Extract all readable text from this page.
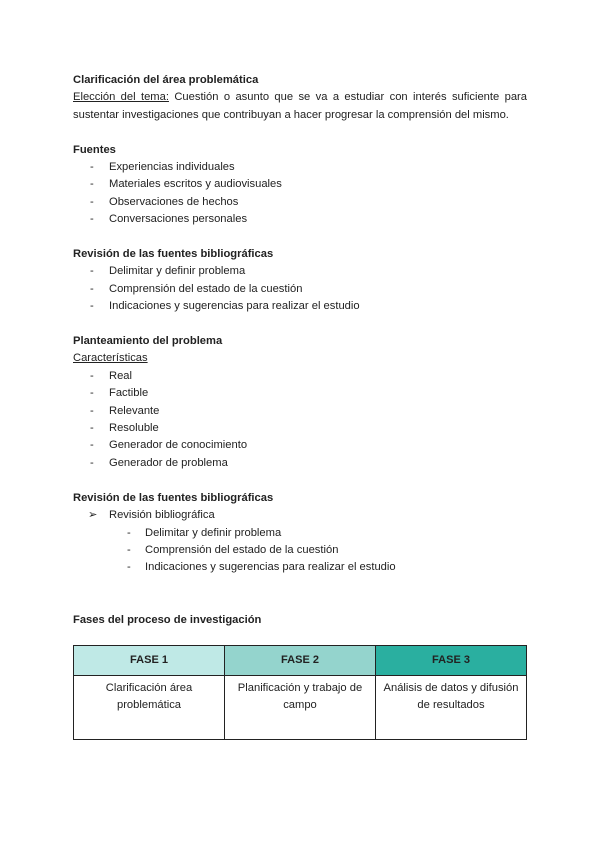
Clarificación del área problemática

Elección del tema: Cuestión o asunto que se va a estudiar con interés suficiente para sustentar investigaciones que contribuyan a hacer progresar la comprensión del mismo.

Fuentes

- Experiencias individuales
- Materiales escritos y audiovisuales
- Observaciones de hechos
- Conversaciones personales

Revisión de las fuentes bibliográficas

- Delimitar y definir problema
- Comprensión del estado de la cuestión
- Indicaciones y sugerencias para realizar el estudio

Planteamiento del problema

Características

- Real
- Factible
- Relevante
- Resoluble
- Generador de conocimiento
- Generador de problema

Revisión de las fuentes bibliográficas

➢ Revisión bibliográfica
- Delimitar y definir problema
- Comprensión del estado de la cuestión
- Indicaciones y sugerencias para realizar el estudio

Fases del proceso de investigación

FASE 1	FASE 2	FASE 3
Clarificación área problemática	Planificación y trabajo de campo	Análisis de datos y difusión de resultados
